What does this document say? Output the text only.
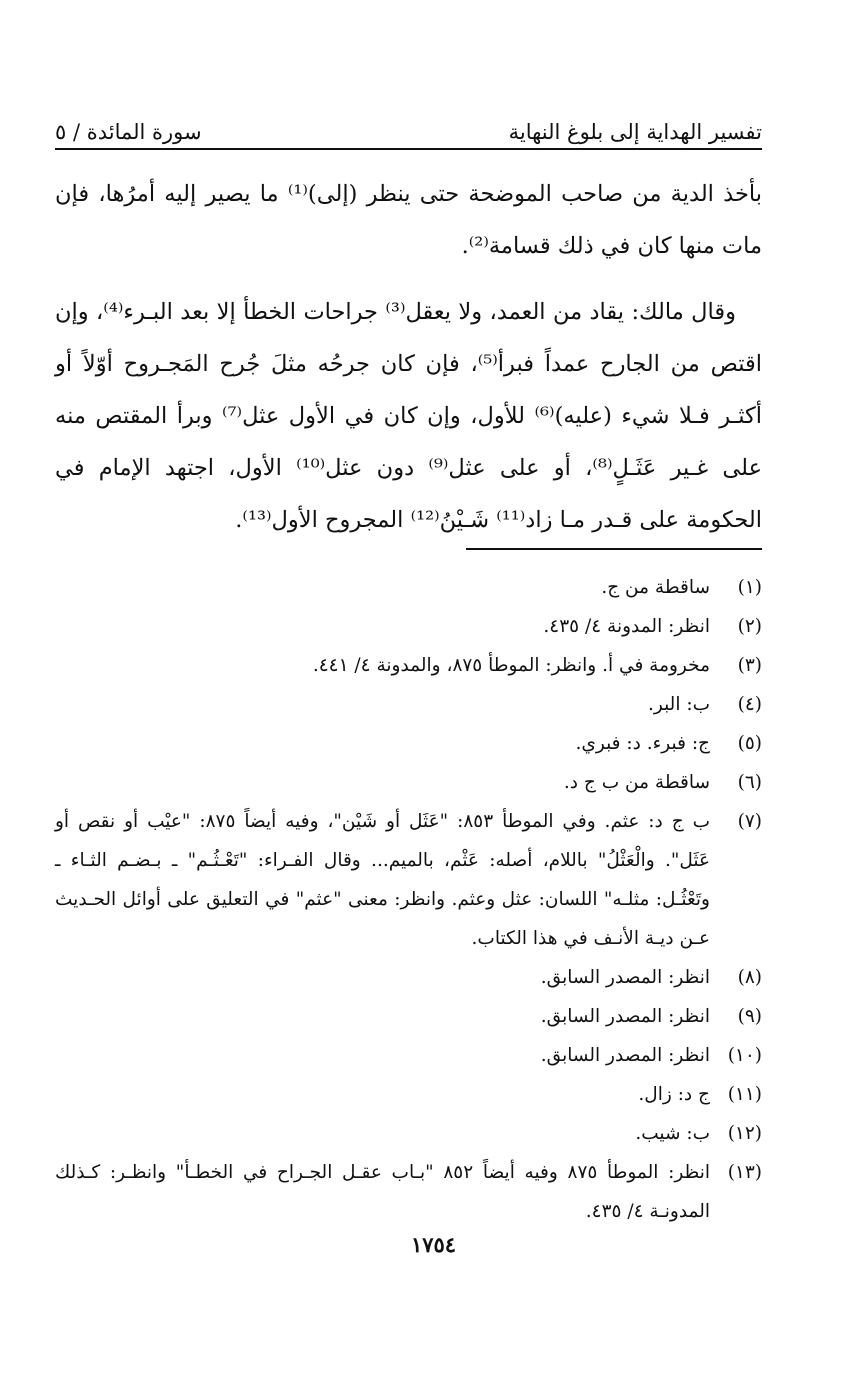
تفسير الهداية إلى بلوغ النهاية
سورة المائدة / ٥

بأخذ الدية من صاحب الموضحة حتى ينظر (إلى)⁽¹⁾ ما يصير إليه أمرُها، فإن مات منها كان في ذلك قسامة⁽²⁾.

وقال مالك: يقاد من العمد، ولا يعقل⁽³⁾ جراحات الخطأ إلا بعد البـرء⁽⁴⁾، وإن اقتص من الجارح عمداً فبرأ⁽⁵⁾، فإن كان جرحُه مثلَ جُرح المَجـروح أوّلاً أو أكثـر فـلا شيء (عليه)⁽⁶⁾ للأول، وإن كان في الأول عثل⁽⁷⁾ وبرأ المقتص منه على غـير عَثَـلٍ⁽⁸⁾، أو على عثل⁽⁹⁾ دون عثل⁽¹⁰⁾ الأول، اجتهد الإمام في الحكومة على قـدر مـا زاد⁽¹¹⁾ شَـيْنُ⁽¹²⁾ المجروح الأول⁽¹³⁾.

(١)
ساقطة من ج.
(٢)
انظر: المدونة ٤/ ٤٣٥.
(٣)
مخرومة في أ. وانظر: الموطأ ٨٧٥، والمدونة ٤/ ٤٤١.
(٤)
ب: البر.
(٥)
ج: فبرء. د: فبري.
(٦)
ساقطة من ب ج د.
(٧)
ب ج د: عثم. وفي الموطأ ٨٥٣: "عَثَل أو شَيْن"، وفيه أيضاً ٨٧٥: "عيْب أو نقص أو عَثَل". والْعَثْلُ" باللام، أصله: عَثْم، بالميم... وقال الفـراء: "تَعْـثُـم" ـ بـضـم الثـاء ـ وتَعْثُـل: مثلـه" اللسان: عثل وعثم. وانظر: معنى "عثم" في التعليق على أوائل الحـديث عـن ديـة الأنـف في هذا الكتاب.
(٨)
انظر: المصدر السابق.
(٩)
انظر: المصدر السابق.
(١٠)
انظر: المصدر السابق.
(١١)
ج د: زال.
(١٢)
ب: شيب.
(١٣)
انظر: الموطأ ٨٧٥ وفيه أيضاً ٨٥٢ "بـاب عقـل الجـراح في الخطـأ" وانظـر: كـذلك المدونـة ٤/ ٤٣٥.
١٧٥٤
